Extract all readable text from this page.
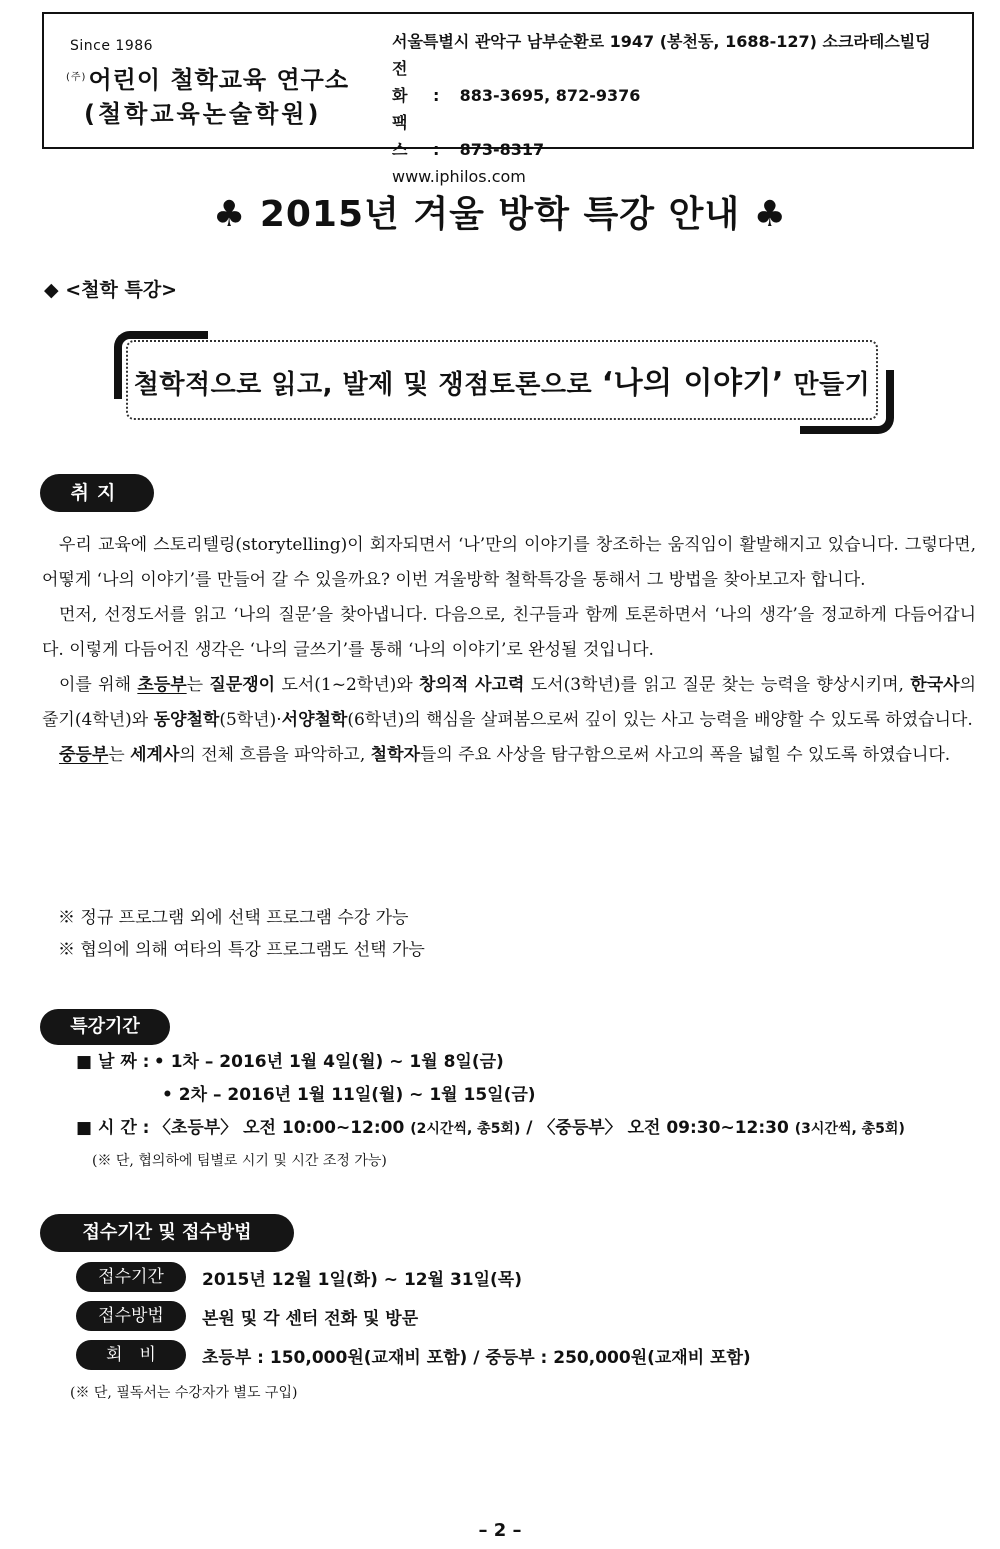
Since 1986
$^{(주)}$어린이 철학교육 연구소
(철학교육논술학원)
서울특별시 관악구 남부순환로 1947 (봉천동, 1688-127) 소크라테스빌딩
전 화 : 883-3695, 872-9376
팩 스 : 873-8317
www.iphilos.com
♣ 2015년 겨울 방학 특강 안내 ♣
◆ <철학 특강>
철학적으로 읽고, 발제 및 쟁점토론으로 ‘나의 이야기’ 만들기
취지

우리 교육에 스토리텔링(storytelling)이 회자되면서 ‘나’만의 이야기를 창조하는 움직임이 활발해지고 있습니다. 그렇다면, 어떻게 ‘나의 이야기’를 만들어 갈 수 있을까요? 이번 겨울방학 철학특강을 통해서 그 방법을 찾아보고자 합니다.

먼저, 선정도서를 읽고 ‘나의 질문’을 찾아냅니다. 다음으로, 친구들과 함께 토론하면서 ‘나의 생각’을 정교하게 다듬어갑니다. 이렇게 다듬어진 생각은 ‘나의 글쓰기’를 통해 ‘나의 이야기’로 완성될 것입니다.

이를 위해 초등부는 질문쟁이 도서(1~2학년)와 창의적 사고력 도서(3학년)를 읽고 질문 찾는 능력을 향상시키며, 한국사의 줄기(4학년)와 동양철학(5학년)·서양철학(6학년)의 핵심을 살펴봄으로써 깊이 있는 사고 능력을 배양할 수 있도록 하였습니다.

중등부는 세계사의 전체 흐름을 파악하고, 철학자들의 주요 사상을 탐구함으로써 사고의 폭을 넓힐 수 있도록 하였습니다.

※ 정규 프로그램 외에 선택 프로그램 수강 가능
※ 협의에 의해 여타의 특강 프로그램도 선택 가능
특강기간
■ 날 짜 : • 1차 – 2016년 1월 4일(월) ~ 1월 8일(금)
• 2차 – 2016년 1월 11일(월) ~ 1월 15일(금)
■ 시 간 : 〈초등부〉 오전 10:00~12:00 (2시간씩, 총5회) / 〈중등부〉 오전 09:30~12:30 (3시간씩, 총5회)
(※ 단, 협의하에 팀별로 시기 및 시간 조정 가능)
접수기간 및 접수방법
접수기간	2015년 12월 1일(화) ~ 12월 31일(목)
접수방법	본원 및 각 센터 전화 및 방문
회　비	초등부 : 150,000원(교재비 포함) / 중등부 : 250,000원(교재비 포함)
(※ 단, 필독서는 수강자가 별도 구입)
– 2 –
